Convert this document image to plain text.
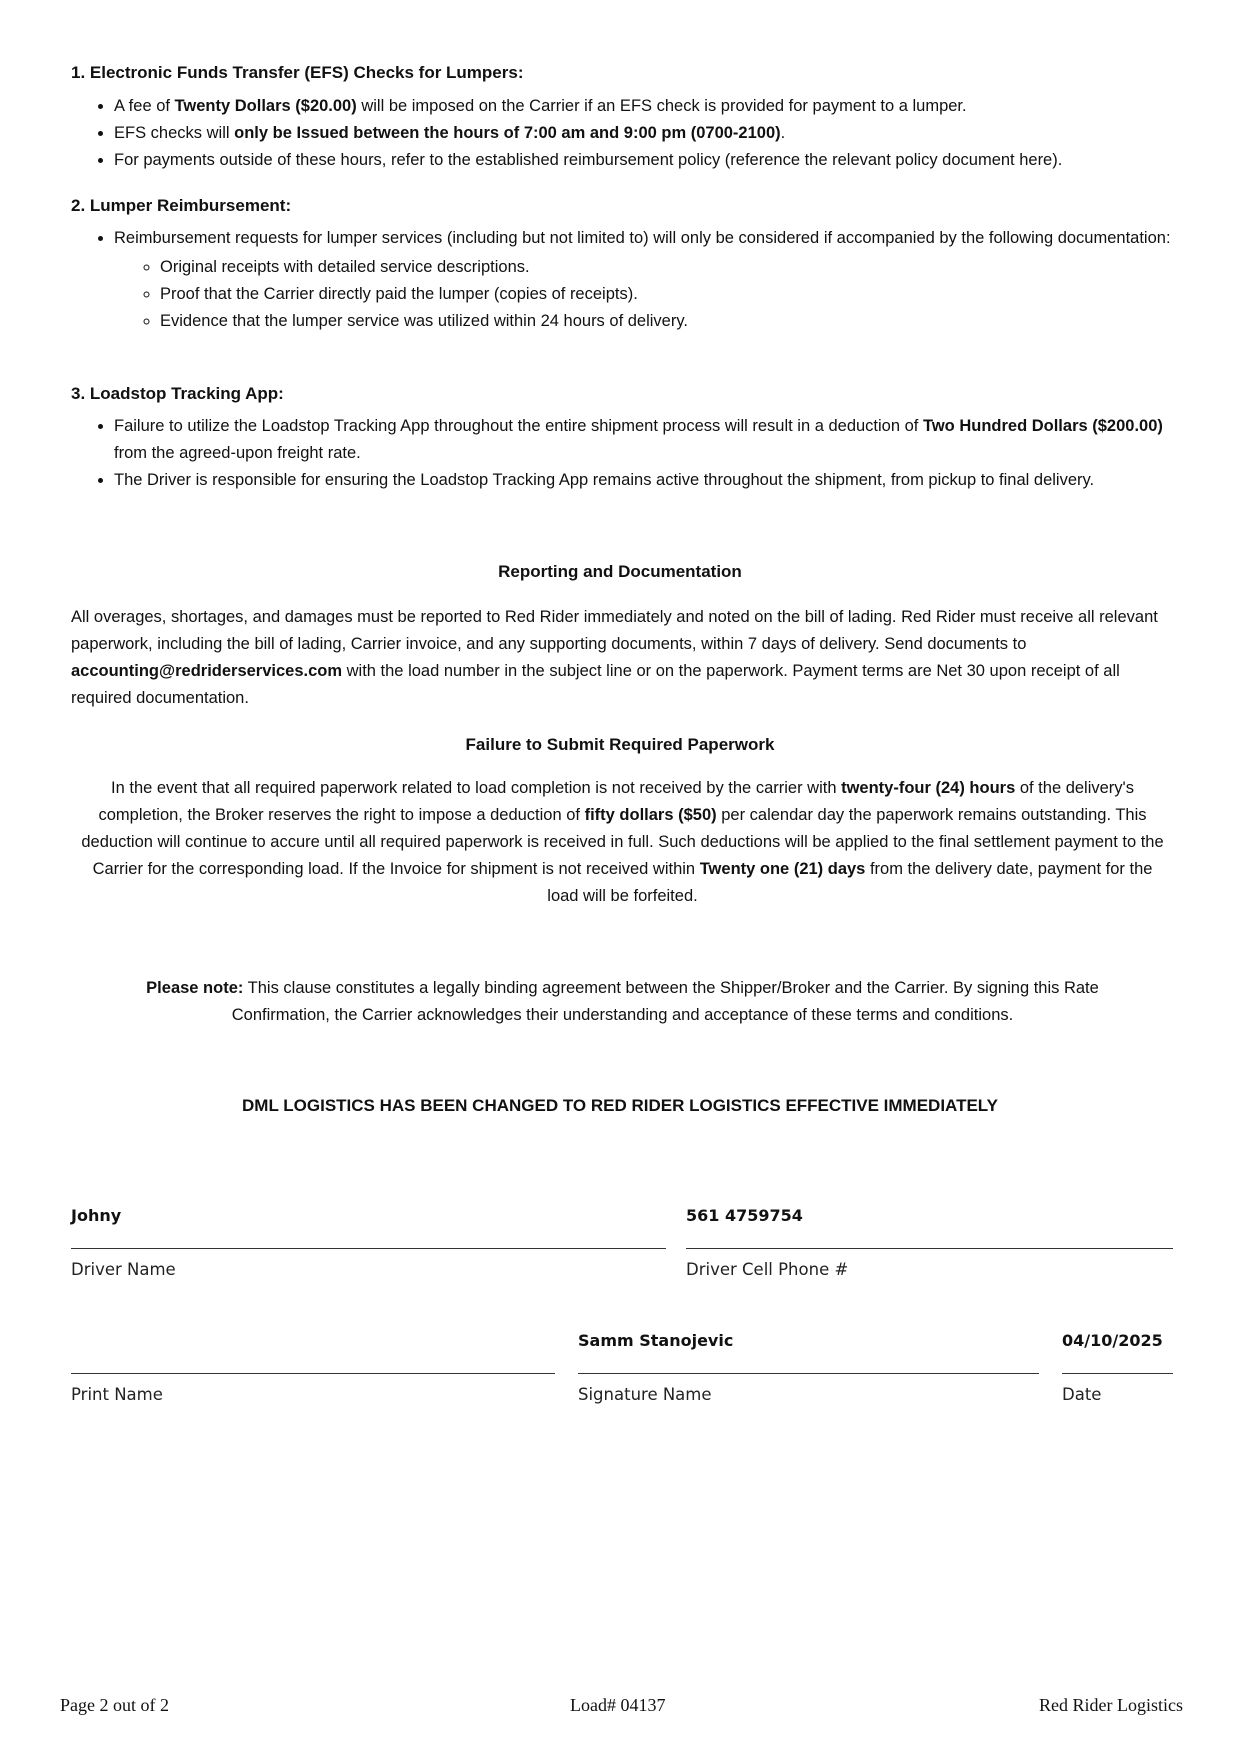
1. Electronic Funds Transfer (EFS) Checks for Lumpers:

• A fee of Twenty Dollars ($20.00) will be imposed on the Carrier if an EFS check is provided for payment to a lumper.
• EFS checks will only be Issued between the hours of 7:00 am and 9:00 pm (0700-2100).
• For payments outside of these hours, refer to the established reimbursement policy (reference the relevant policy document here).

2. Lumper Reimbursement:

• Reimbursement requests for lumper services (including but not limited to) will only be considered if accompanied by the following documentation:
◦ Original receipts with detailed service descriptions.
◦ Proof that the Carrier directly paid the lumper (copies of receipts).
◦ Evidence that the lumper service was utilized within 24 hours of delivery.

3. Loadstop Tracking App:

• Failure to utilize the Loadstop Tracking App throughout the entire shipment process will result in a deduction of Two Hundred Dollars ($200.00) from the agreed-upon freight rate.
• The Driver is responsible for ensuring the Loadstop Tracking App remains active throughout the shipment, from pickup to final delivery.

Reporting and Documentation

All overages, shortages, and damages must be reported to Red Rider immediately and noted on the bill of lading. Red Rider must receive all relevant paperwork, including the bill of lading, Carrier invoice, and any supporting documents, within 7 days of delivery. Send documents to accounting@redriderservices.com with the load number in the subject line or on the paperwork. Payment terms are Net 30 upon receipt of all required documentation.

Failure to Submit Required Paperwork

In the event that all required paperwork related to load completion is not received by the carrier with twenty-four (24) hours of the delivery's completion, the Broker reserves the right to impose a deduction of fifty dollars ($50) per calendar day the paperwork remains outstanding. This deduction will continue to accure until all required paperwork is received in full. Such deductions will be applied to the final settlement payment to the Carrier for the corresponding load. If the Invoice for shipment is not received within Twenty one (21) days from the delivery date, payment for the load will be forfeited.

Please note: This clause constitutes a legally binding agreement between the Shipper/Broker and the Carrier. By signing this Rate Confirmation, the Carrier acknowledges their understanding and acceptance of these terms and conditions.

DML LOGISTICS HAS BEEN CHANGED TO RED RIDER LOGISTICS EFFECTIVE IMMEDIATELY

Johny
Driver Name
561 4759754
Driver Cell Phone #
Print Name
Samm Stanojevic
Signature Name
04/10/2025
Date
Page 2 out of 2	Load# 04137	Red Rider Logistics
